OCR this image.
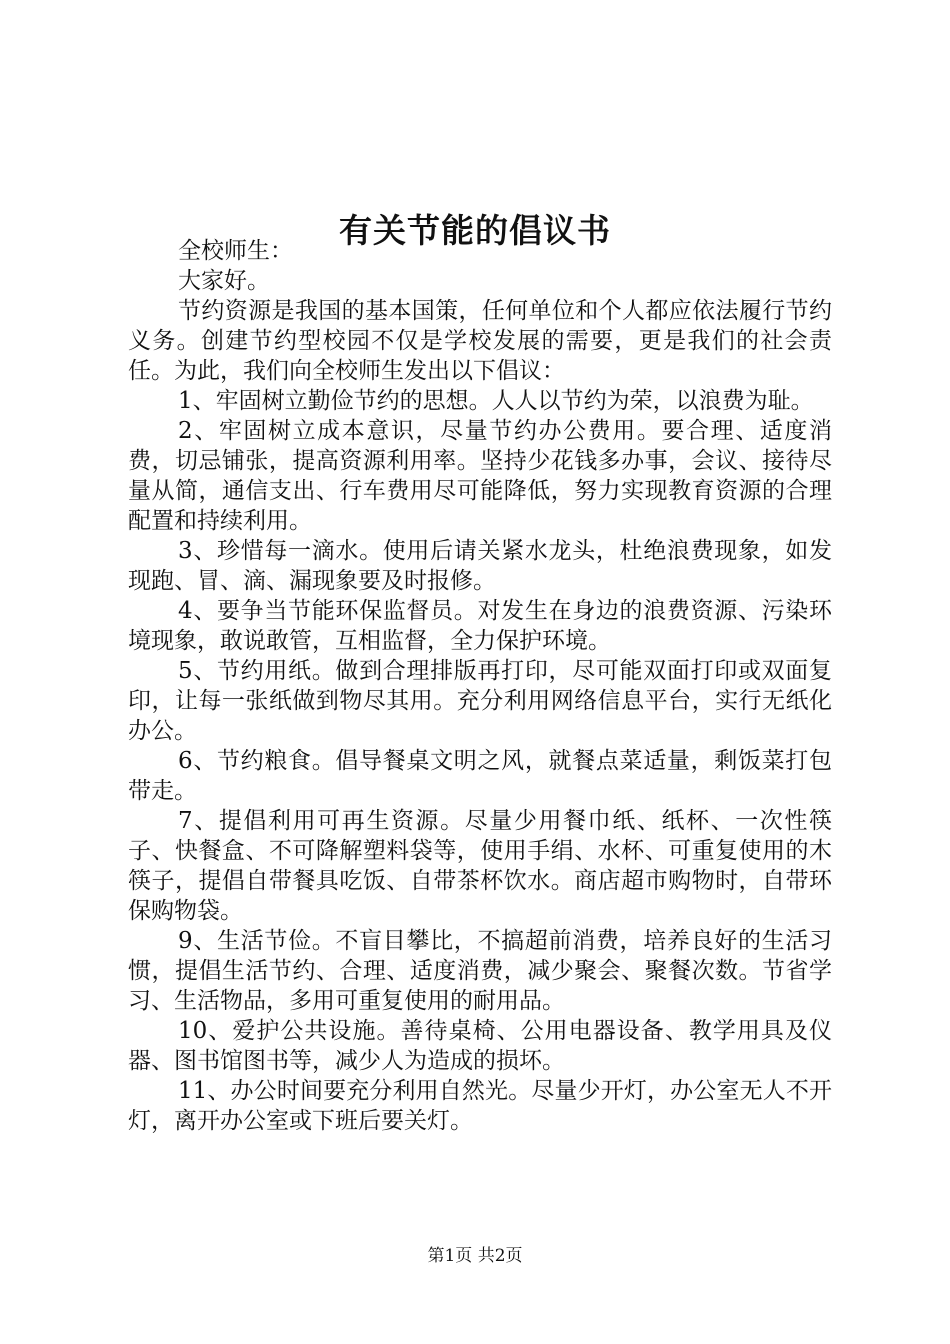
有关节能的倡议书

全校师生：

大家好。

节约资源是我国的基本国策，任何单位和个人都应依法履行节约义务。创建节约型校园不仅是学校发展的需要，更是我们的社会责任。为此，我们向全校师生发出以下倡议：

1、牢固树立勤俭节约的思想。人人以节约为荣，以浪费为耻。

2、牢固树立成本意识，尽量节约办公费用。要合理、适度消费，切忌铺张，提高资源利用率。坚持少花钱多办事，会议、接待尽量从简，通信支出、行车费用尽可能降低，努力实现教育资源的合理配置和持续利用。

3、珍惜每一滴水。使用后请关紧水龙头，杜绝浪费现象，如发现跑、冒、滴、漏现象要及时报修。

4、要争当节能环保监督员。对发生在身边的浪费资源、污染环境现象，敢说敢管，互相监督，全力保护环境。

5、节约用纸。做到合理排版再打印，尽可能双面打印或双面复印，让每一张纸做到物尽其用。充分利用网络信息平台，实行无纸化办公。

6、节约粮食。倡导餐桌文明之风，就餐点菜适量，剩饭菜打包带走。

7、提倡利用可再生资源。尽量少用餐巾纸、纸杯、一次性筷子、快餐盒、不可降解塑料袋等，使用手绢、水杯、可重复使用的木筷子，提倡自带餐具吃饭、自带茶杯饮水。商店超市购物时，自带环保购物袋。

9、生活节俭。不盲目攀比，不搞超前消费，培养良好的生活习惯，提倡生活节约、合理、适度消费，减少聚会、聚餐次数。节省学习、生活物品，多用可重复使用的耐用品。

10、爱护公共设施。善待桌椅、公用电器设备、教学用具及仪器、图书馆图书等，减少人为造成的损坏。

11、办公时间要充分利用自然光。尽量少开灯，办公室无人不开灯，离开办公室或下班后要关灯。

第1页 共2页
